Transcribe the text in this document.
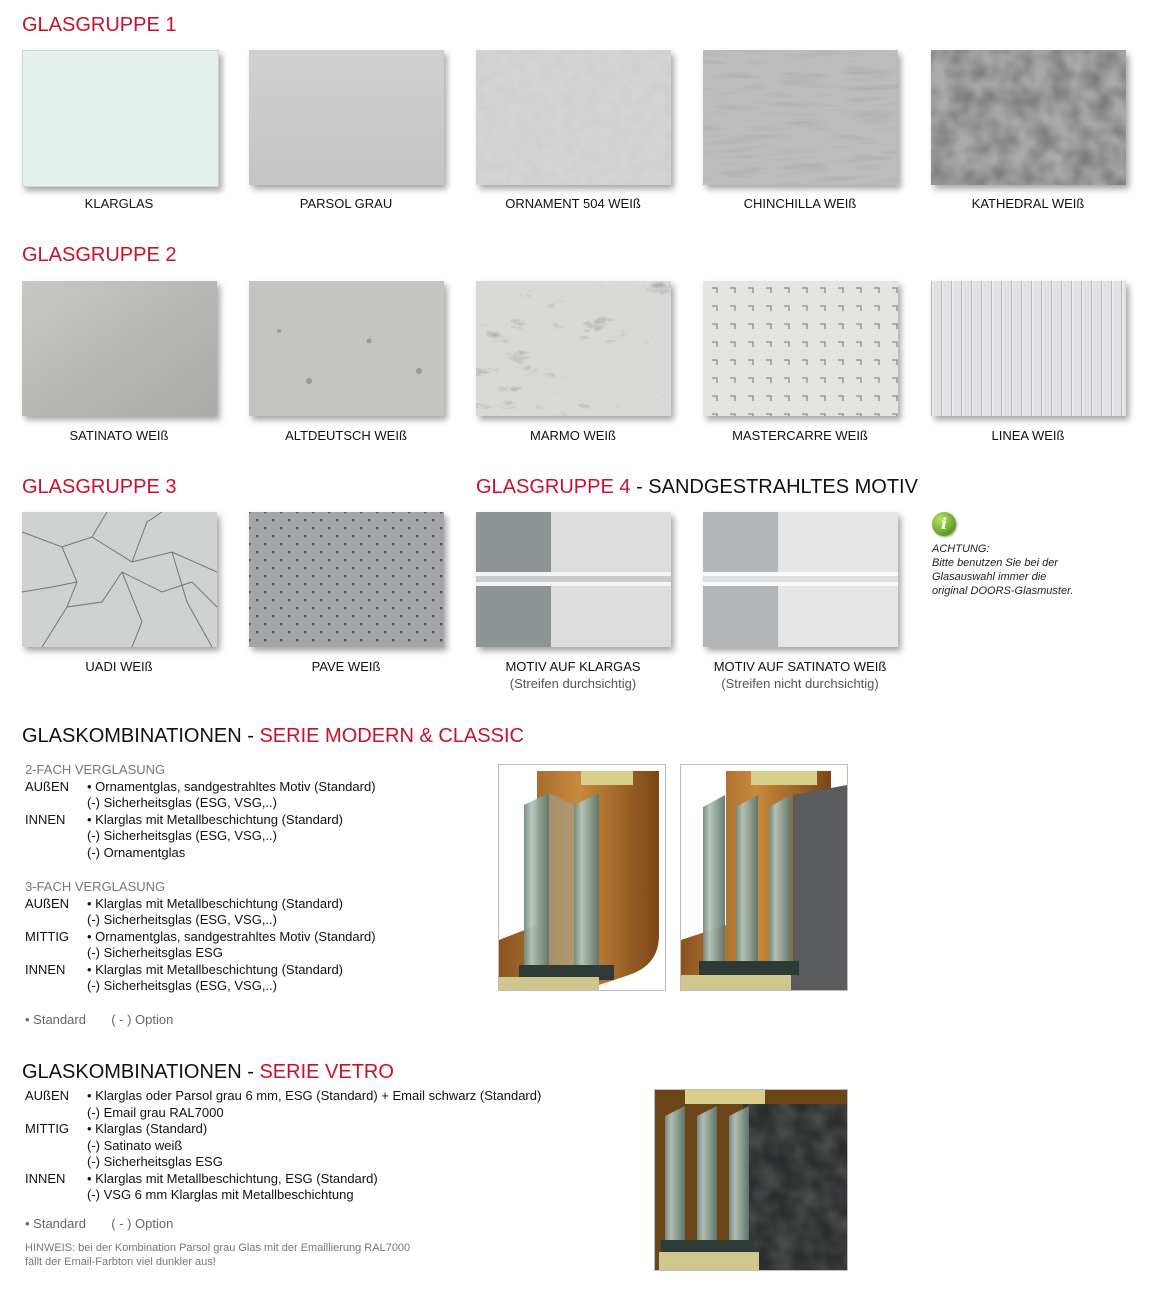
GLASGRUPPE 1
KLARGLAS	PARSOL GRAU	ORNAMENT 504 WEIß	CHINCHILLA WEIß	KATHEDRAL WEIß
GLASGRUPPE 2
SATINATO WEIß	ALTDEUTSCH WEIß	MARMO WEIß	MASTERCARRE WEIß	LINEA WEIß
GLASGRUPPE 3	GLASGRUPPE 4 - SANDGESTRAHLTES MOTIV
UADI WEIß	PAVE WEIß	MOTIV AUF KLARGAS
(Streifen durchsichtig)
MOTIV AUF SATINATO WEIß
(Streifen nicht durchsichtig)
i
ACHTUNG:
Bitte benutzen Sie bei der
Glasauswahl immer die
original DOORS-Glasmuster.
GLASKOMBINATIONEN - SERIE MODERN & CLASSIC
2-FACH VERGLASUNG
AUßEN	• Ornamentglas, sandgestrahltes Motiv (Standard)
(-) Sicherheitsglas (ESG, VSG,..)
INNEN	• Klarglas mit Metallbeschichtung (Standard)
(-) Sicherheitsglas (ESG, VSG,..)
(-) Ornamentglas
3-FACH VERGLASUNG
AUßEN	• Klarglas mit Metallbeschichtung (Standard)
(-) Sicherheitsglas (ESG, VSG,..)
MITTIG	• Ornamentglas, sandgestrahltes Motiv (Standard)
(-) Sicherheitsglas ESG
INNEN	• Klarglas mit Metallbeschichtung (Standard)
(-) Sicherheitsglas (ESG, VSG,..)
• Standard ( - ) Option
GLASKOMBINATIONEN - SERIE VETRO
AUßEN	• Klarglas oder Parsol grau 6 mm, ESG (Standard) + Email schwarz (Standard)
(-) Email grau RAL7000
MITTIG	• Klarglas (Standard)
(-) Satinato weiß
(-) Sicherheitsglas ESG
INNEN	• Klarglas mit Metallbeschichtung, ESG (Standard)
(-) VSG 6 mm Klarglas mit Metallbeschichtung
• Standard ( - ) Option
HINWEIS: bei der Kombination Parsol grau Glas mit der Emaillierung RAL7000
fällt der Email-Farbton viel dunkler aus!
